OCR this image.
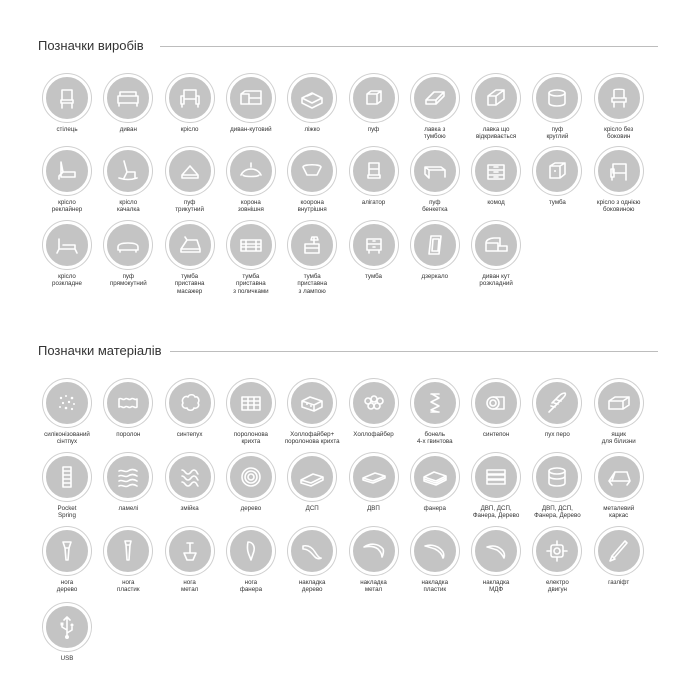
Позначки виробів
стілець	диван	крісло	диван-кутовий	ліжко	пуф	лавка з
тумбою
лавка що
відкривається
пуф
круглий
крісло без
боковин
крісло
реклайнер
крісло
качалка
пуф
трикутний
корона
зовнішня
коорона
внутрішня
алігатор	пуф
бенкетка
комод	тумба	крісло з однією
боковиною
крісло
розкладне
пуф
прямокутний
тумба
приставна
масажер
тумба
приставна
з поличками
тумба
приставна
з лампою
тумба	дзеркало	диван кут
розкладний
Позначки матеріалів
силіконізований
сінтпух
поролон	синтепух	поролонова
крихта
Холлофайбер+
поролонова крихта
Холлофайбер	бонель
4-х гвинтова
синтепон	пух перо	ящик
для білизни
Pocket
Spring
ламелі	змійка	дерево	ДСП	ДВП	фанера	ДВП, ДСП,
Фанера, Дерево
ДВП, ДСП,
Фанера, Дерево
металевий
каркас
нога
дерево
нога
пластик
нога
метал
нога
фанера
накладка
дерево
накладка
метал
накладка
пластик
накладка
МДФ
електро
двигун
газліфт
USB
